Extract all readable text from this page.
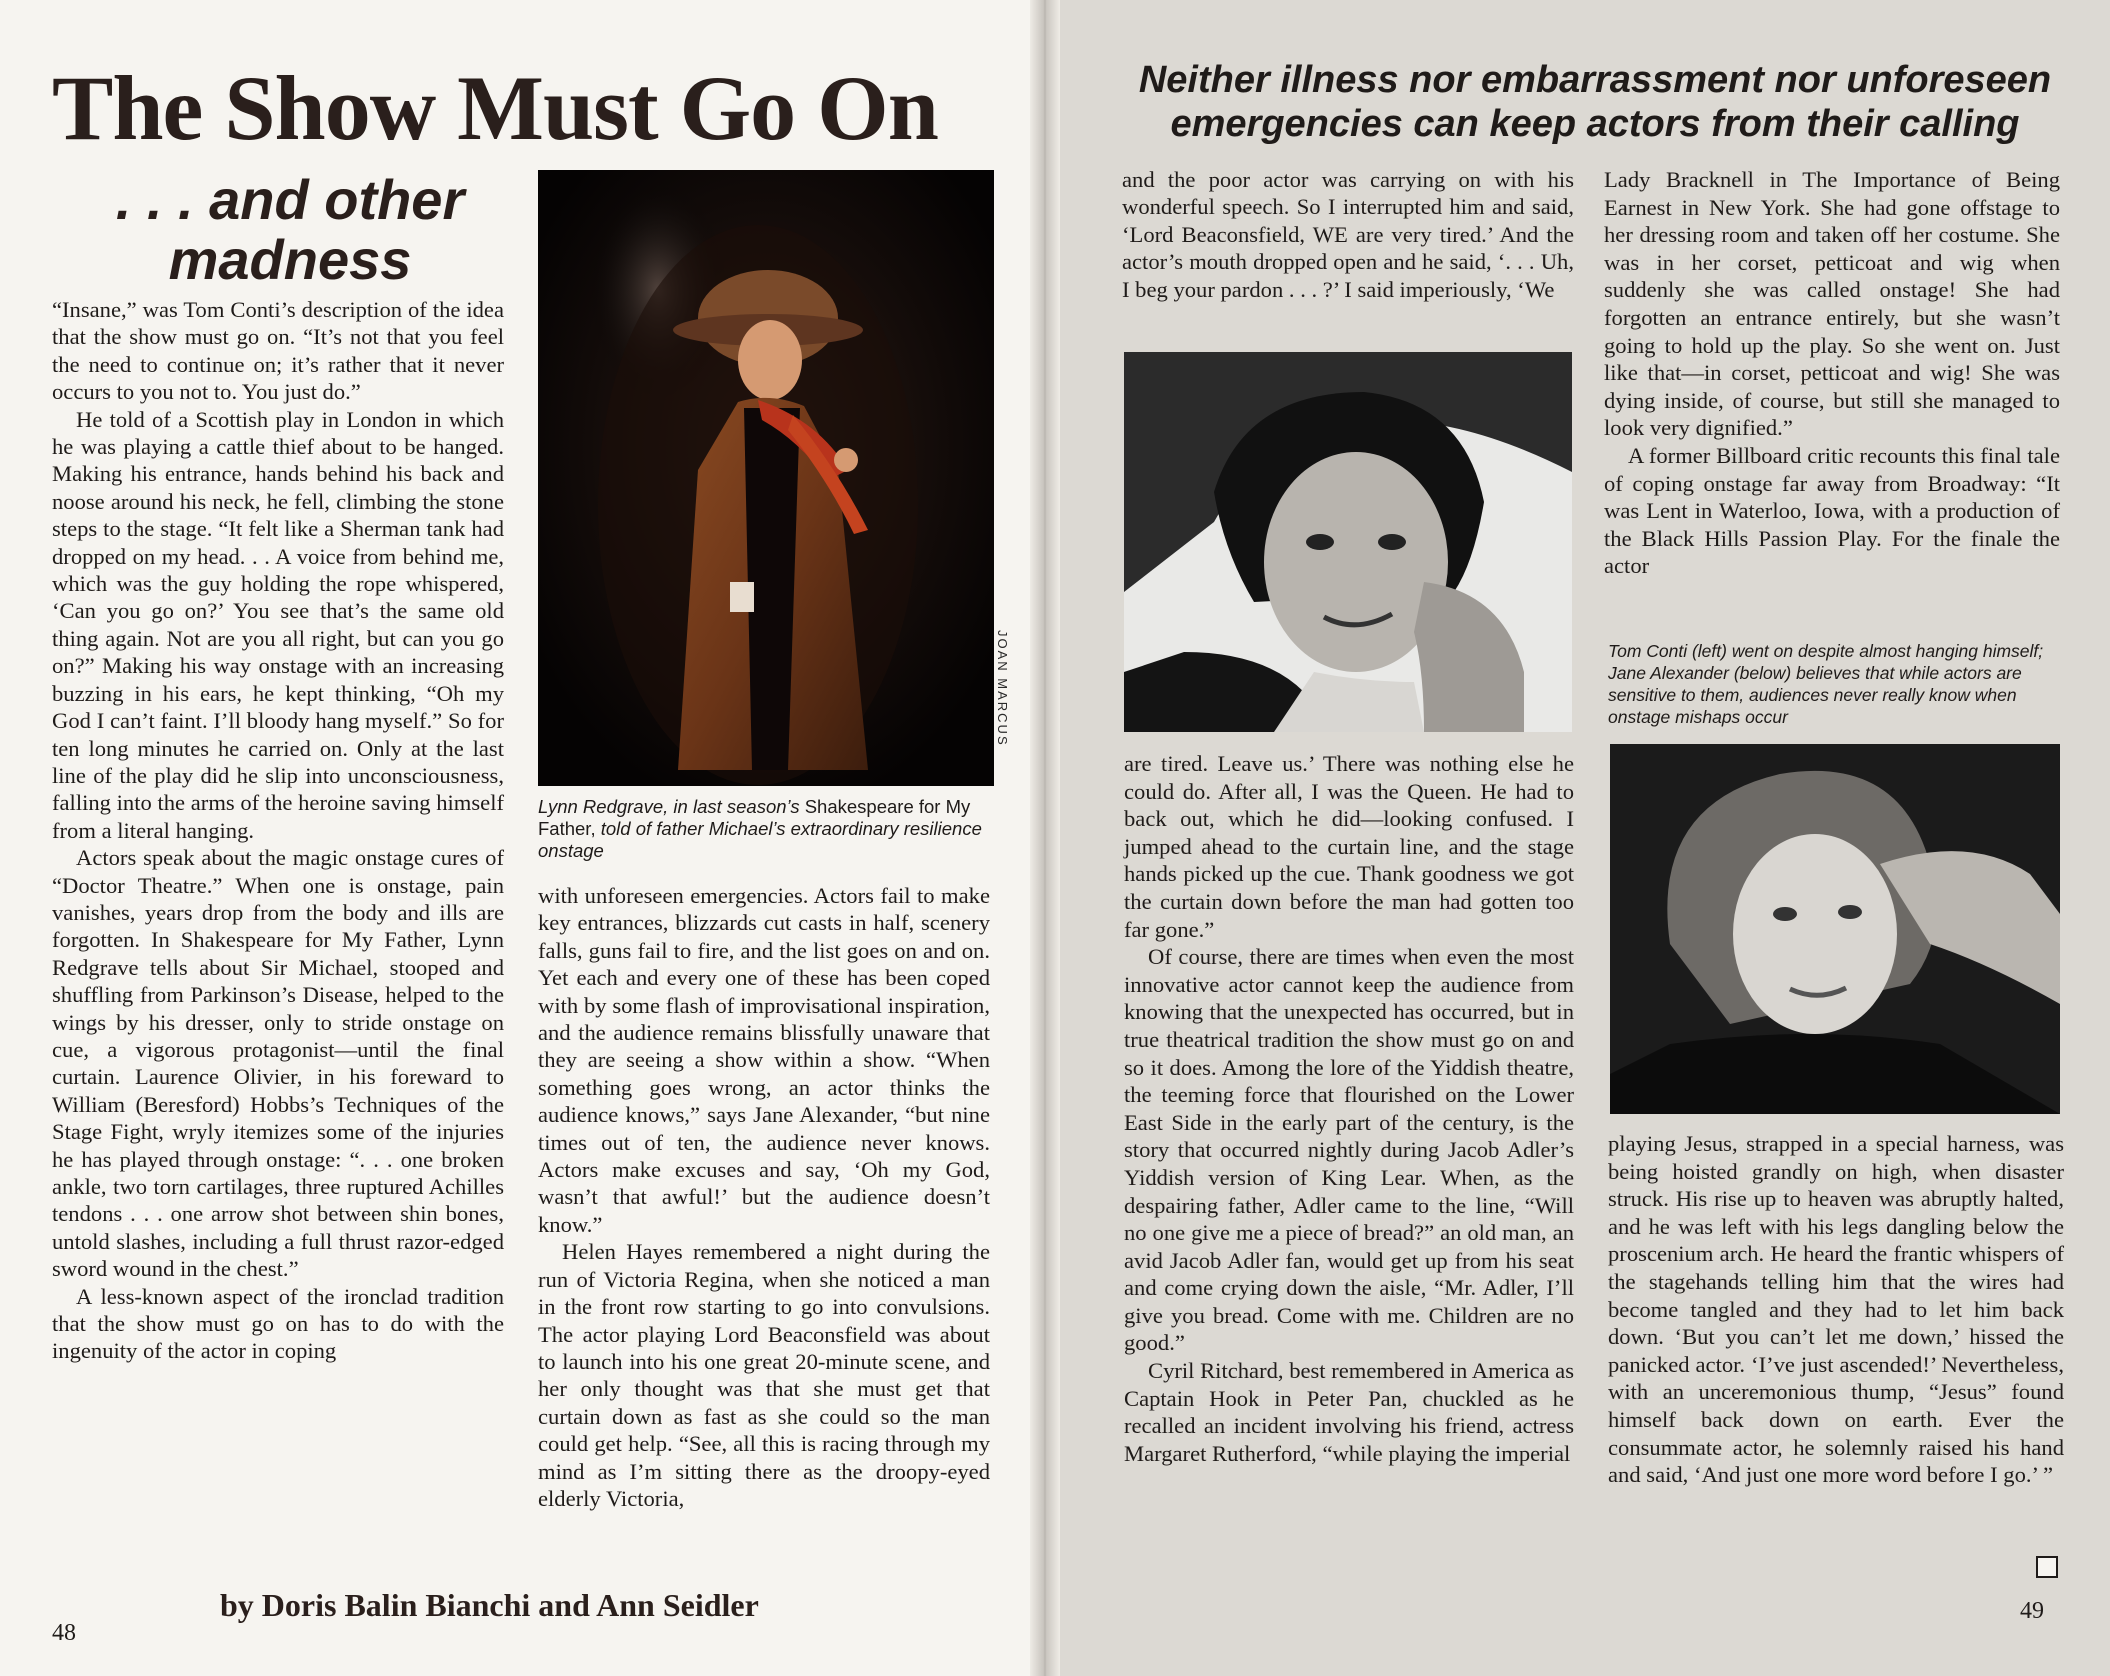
The Show Must Go On
. . . and other
madness

“Insane,” was Tom Conti’s description of the idea that the show must go on. “It’s not that you feel the need to continue on; it’s rather that it never occurs to you not to. You just do.”

He told of a Scottish play in London in which he was playing a cattle thief about to be hanged. Making his entrance, hands behind his back and noose around his neck, he fell, climbing the stone steps to the stage. “It felt like a Sherman tank had dropped on my head. . . A voice from behind me, which was the guy holding the rope whispered, ‘Can you go on?’ You see that’s the same old thing again. Not are you all right, but can you go on?” Making his way onstage with an increasing buzzing in his ears, he kept thinking, “Oh my God I can’t faint. I’ll bloody hang myself.” So for ten long minutes he carried on. Only at the last line of the play did he slip into unconsciousness, falling into the arms of the heroine saving himself from a literal hanging.

Actors speak about the magic onstage cures of “Doctor Theatre.” When one is onstage, pain vanishes, years drop from the body and ills are forgotten. In Shakespeare for My Father, Lynn Redgrave tells about Sir Michael, stooped and shuffling from Parkinson’s Disease, helped to the wings by his dresser, only to stride onstage on cue, a vigorous protagonist—until the final curtain. Laurence Olivier, in his foreward to William (Beresford) Hobbs’s Techniques of the Stage Fight, wryly itemizes some of the injuries he has played through onstage: “. . . one broken ankle, two torn cartilages, three ruptured Achilles tendons . . . one arrow shot between shin bones, untold slashes, including a full thrust razor-edged sword wound in the chest.”

A less-known aspect of the ironclad tradition that the show must go on has to do with the ingenuity of the actor in coping

JOAN MARCUS
Lynn Redgrave, in last season’s Shakespeare for My Father, told of father Michael’s extraordinary resilience onstage

with unforeseen emergencies. Actors fail to make key entrances, blizzards cut casts in half, scenery falls, guns fail to fire, and the list goes on and on. Yet each and every one of these has been coped with by some flash of improvisational inspiration, and the audience remains blissfully unaware that they are seeing a show within a show. “When something goes wrong, an actor thinks the audience knows,” says Jane Alexander, “but nine times out of ten, the audience never knows. Actors make excuses and say, ‘Oh my God, wasn’t that awful!’ but the audience doesn’t know.”

Helen Hayes remembered a night during the run of Victoria Regina, when she noticed a man in the front row starting to go into convulsions. The actor playing Lord Beaconsfield was about to launch into his one great 20-minute scene, and her only thought was that she must get that curtain down as fast as she could so the man could get help. “See, all this is racing through my mind as I’m sitting there as the droopy-eyed elderly Victoria,

by Doris Balin Bianchi and Ann Seidler
48
Neither illness nor embarrassment nor unforeseen
emergencies can keep actors from their calling

and the poor actor was carrying on with his wonderful speech. So I interrupted him and said, ‘Lord Beaconsfield, WE are very tired.’ And the actor’s mouth dropped open and he said, ‘. . . Uh, I beg your pardon . . . ?’ I said imperiously, ‘We

are tired. Leave us.’ There was nothing else he could do. After all, I was the Queen. He had to back out, which he did—looking confused. I jumped ahead to the curtain line, and the stage hands picked up the cue. Thank goodness we got the curtain down before the man had gotten too far gone.”

Of course, there are times when even the most innovative actor cannot keep the audience from knowing that the unexpected has occurred, but in true theatrical tradition the show must go on and so it does. Among the lore of the Yiddish theatre, the teeming force that flourished on the Lower East Side in the early part of the century, is the story that occurred nightly during Jacob Adler’s Yiddish version of King Lear. When, as the despairing father, Adler came to the line, “Will no one give me a piece of bread?” an old man, an avid Jacob Adler fan, would get up from his seat and come crying down the aisle, “Mr. Adler, I’ll give you bread. Come with me. Children are no good.”

Cyril Ritchard, best remembered in America as Captain Hook in Peter Pan, chuckled as he recalled an incident involving his friend, actress Margaret Rutherford, “while playing the imperial

Lady Bracknell in The Importance of Being Earnest in New York. She had gone offstage to her dressing room and taken off her costume. She was in her corset, petticoat and wig when suddenly she was called onstage! She had forgotten an entrance entirely, but she wasn’t going to hold up the play. So she went on. Just like that—in corset, petticoat and wig! She was dying inside, of course, but still she managed to look very dignified.”

A former Billboard critic recounts this final tale of coping onstage far away from Broadway: “It was Lent in Waterloo, Iowa, with a production of the Black Hills Passion Play. For the finale the actor

Tom Conti (left) went on despite almost hanging himself; Jane Alexander (below) believes that while actors are sensitive to them, audiences never really know when onstage mishaps occur

playing Jesus, strapped in a special harness, was being hoisted grandly on high, when disaster struck. His rise up to heaven was abruptly halted, and he was left with his legs dangling below the proscenium arch. He heard the frantic whispers of the stagehands telling him that the wires had become tangled and they had to let him back down. ‘But you can’t let me down,’ hissed the panicked actor. ‘I’ve just ascended!’ Nevertheless, with an unceremonious thump, “Jesus” found himself back down on earth. Ever the consummate actor, he solemnly raised his hand and said, ‘And just one more word before I go.’ ”

49
